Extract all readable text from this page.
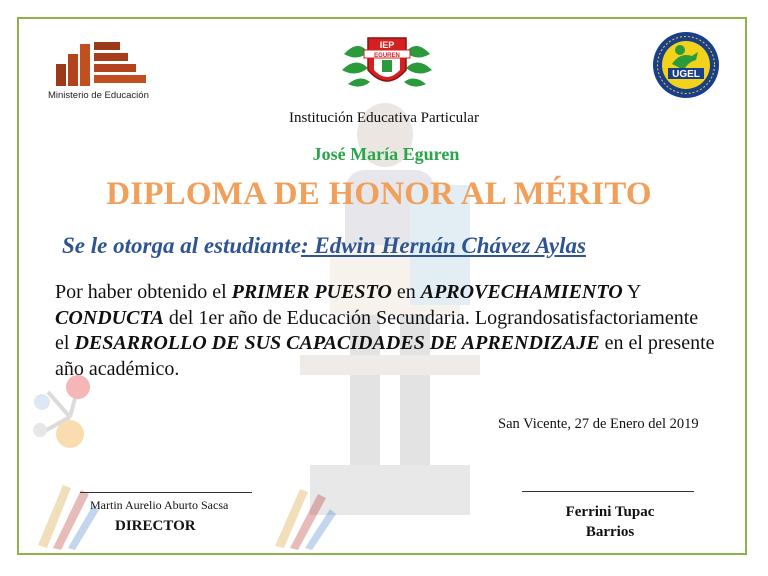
Ministerio de Educación
IEP
EGUREN
UGEL
Institución Educativa Particular
José María Eguren
DIPLOMA DE HONOR AL MÉRITO
Se le otorga al estudiante: Edwin Hernán Chávez Aylas
Por haber obtenido el PRIMER PUESTO en APROVECHAMIENTO Y CONDUCTA del 1er año de Educación Secundaria. Lograndosatisfactoriamente el DESARROLLO DE SUS CAPACIDADES DE APRENDIZAJE en el presente año académico.
San Vicente, 27 de Enero del 2019
Martin Aurelio Aburto Sacsa
DIRECTOR
Ferrini Tupac
Barrios
